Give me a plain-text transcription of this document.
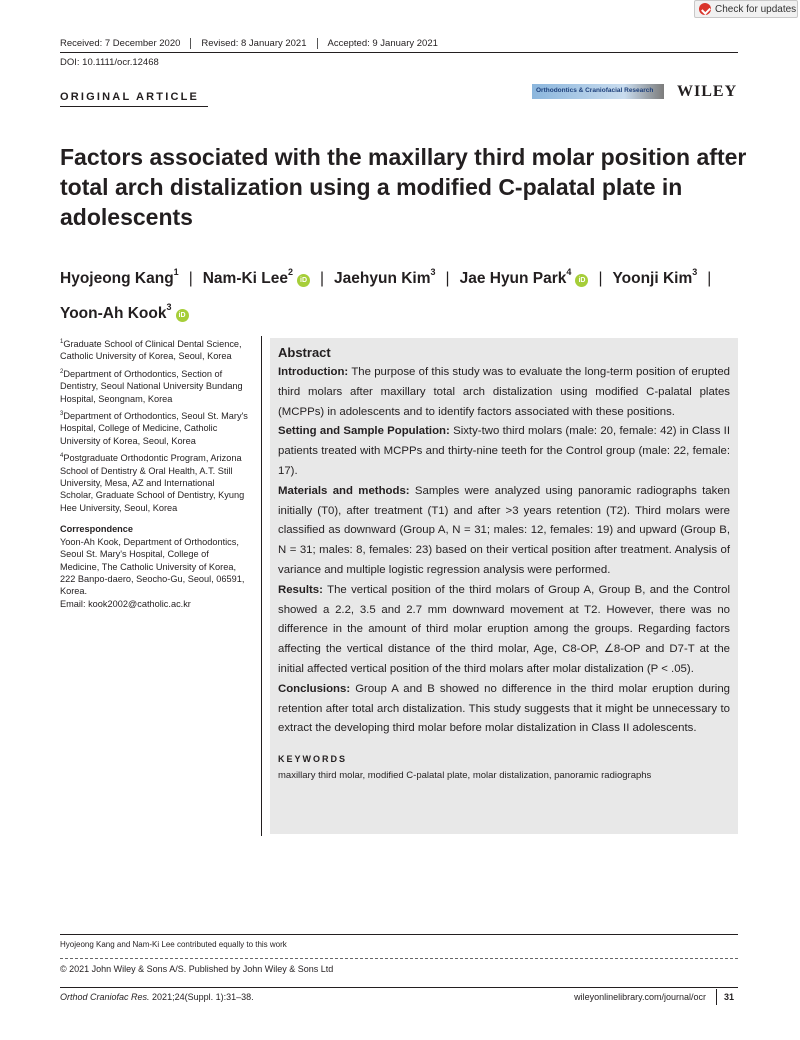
Check for updates
Received: 7 December 2020	Revised: 8 January 2021	Accepted: 9 January 2021
DOI: 10.1111/ocr.12468
ORIGINAL ARTICLE
Orthodontics & Craniofacial Research WILEY
Factors associated with the maxillary third molar position after total arch distalization using a modified C-palatal plate in adolescents
Hyojeong Kang$^1$ | Nam-Ki Lee$^2$iD | Jaehyun Kim$^3$ | Jae Hyun Park$^4$iD | Yoonji Kim$^3$ |
Yoon-Ah Kook$^3$iD
$^1$Graduate School of Clinical Dental Science, Catholic University of Korea, Seoul, Korea
$^2$Department of Orthodontics, Section of Dentistry, Seoul National University Bundang Hospital, Seongnam, Korea
$^3$Department of Orthodontics, Seoul St. Mary's Hospital, College of Medicine, Catholic University of Korea, Seoul, Korea
$^4$Postgraduate Orthodontic Program, Arizona School of Dentistry & Oral Health, A.T. Still University, Mesa, AZ and International Scholar, Graduate School of Dentistry, Kyung Hee University, Seoul, Korea
Correspondence
Yoon-Ah Kook, Department of Orthodontics, Seoul St. Mary's Hospital, College of Medicine, The Catholic University of Korea, 222 Banpo-daero, Seocho-Gu, Seoul, 06591, Korea.
Email: kook2002@catholic.ac.kr
Abstract

Introduction: The purpose of this study was to evaluate the long-term position of erupted third molars after maxillary total arch distalization using modified C-palatal plates (MCPPs) in adolescents and to identify factors associated with these positions.

Setting and Sample Population: Sixty-two third molars (male: 20, female: 42) in Class II patients treated with MCPPs and thirty-nine teeth for the Control group (male: 22, female: 17).

Materials and methods: Samples were analyzed using panoramic radiographs taken initially (T0), after treatment (T1) and after >3 years retention (T2). Third molars were classified as downward (Group A, N = 31; males: 12, females: 19) and upward (Group B, N = 31; males: 8, females: 23) based on their vertical position after treatment. Analysis of variance and multiple logistic regression analysis were performed.

Results: The vertical position of the third molars of Group A, Group B, and the Control showed a 2.2, 3.5 and 2.7 mm downward movement at T2. However, there was no difference in the amount of third molar eruption among the groups. Regarding factors affecting the vertical distance of the third molar, Age, C8-OP, ∠8-OP and D7-T at the initial affected vertical position of the third molars after molar distalization (P < .05).

Conclusions: Group A and B showed no difference in the third molar eruption during retention after total arch distalization. This study suggests that it might be unnecessary to extract the developing third molar before molar distalization in Class II adolescents.

KEYWORDS
maxillary third molar, modified C-palatal plate, molar distalization, panoramic radiographs
Hyojeong Kang and Nam-Ki Lee contributed equally to this work
© 2021 John Wiley & Sons A/S. Published by John Wiley & Sons Ltd
Orthod Craniofac Res. 2021;24(Suppl. 1):31–38.	wileyonlinelibrary.com/journal/ocr 31
